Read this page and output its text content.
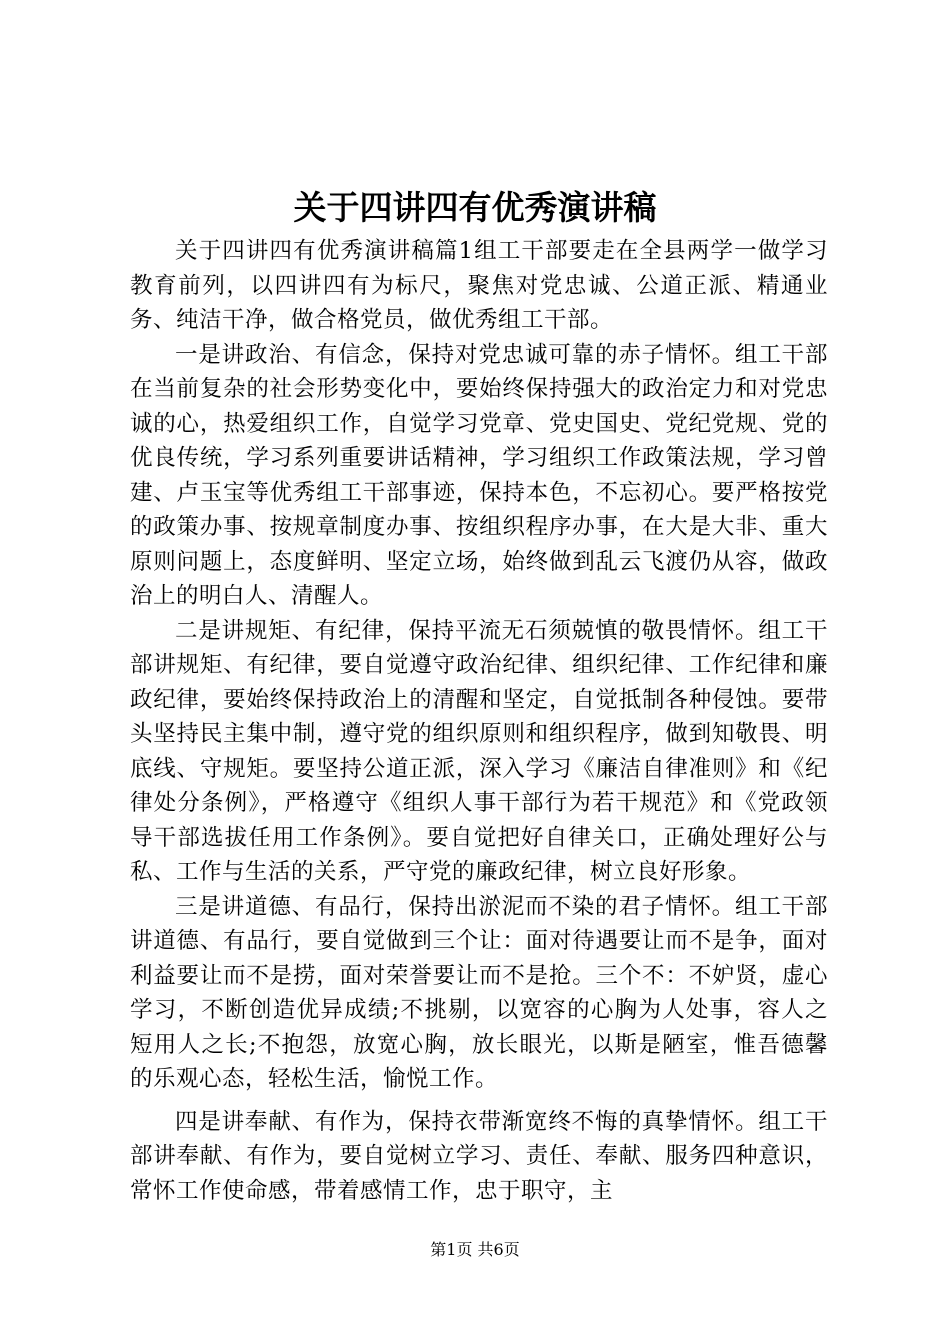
关于四讲四有优秀演讲稿

关于四讲四有优秀演讲稿篇1组工干部要走在全县两学一做学习教育前列，以四讲四有为标尺，聚焦对党忠诚、公道正派、精通业务、纯洁干净，做合格党员，做优秀组工干部。

一是讲政治、有信念，保持对党忠诚可靠的赤子情怀。组工干部在当前复杂的社会形势变化中，要始终保持强大的政治定力和对党忠诚的心，热爱组织工作，自觉学习党章、党史国史、党纪党规、党的优良传统，学习系列重要讲话精神，学习组织工作政策法规，学习曾建、卢玉宝等优秀组工干部事迹，保持本色，不忘初心。要严格按党的政策办事、按规章制度办事、按组织程序办事，在大是大非、重大原则问题上，态度鲜明、坚定立场，始终做到乱云飞渡仍从容，做政治上的明白人、清醒人。

二是讲规矩、有纪律，保持平流无石须兢慎的敬畏情怀。组工干部讲规矩、有纪律，要自觉遵守政治纪律、组织纪律、工作纪律和廉政纪律，要始终保持政治上的清醒和坚定，自觉抵制各种侵蚀。要带头坚持民主集中制，遵守党的组织原则和组织程序，做到知敬畏、明底线、守规矩。要坚持公道正派，深入学习《廉洁自律准则》和《纪律处分条例》，严格遵守《组织人事干部行为若干规范》和《党政领导干部选拔任用工作条例》。要自觉把好自律关口，正确处理好公与私、工作与生活的关系，严守党的廉政纪律，树立良好形象。

三是讲道德、有品行，保持出淤泥而不染的君子情怀。组工干部讲道德、有品行，要自觉做到三个让：面对待遇要让而不是争，面对利益要让而不是捞，面对荣誉要让而不是抢。三个不：不妒贤，虚心学习，不断创造优异成绩;不挑剔，以宽容的心胸为人处事，容人之短用人之长;不抱怨，放宽心胸，放长眼光，以斯是陋室，惟吾德馨的乐观心态，轻松生活，愉悦工作。

四是讲奉献、有作为，保持衣带渐宽终不悔的真挚情怀。组工干部讲奉献、有作为，要自觉树立学习、责任、奉献、服务四种意识，常怀工作使命感，带着感情工作，忠于职守，主

第1页 共6页
